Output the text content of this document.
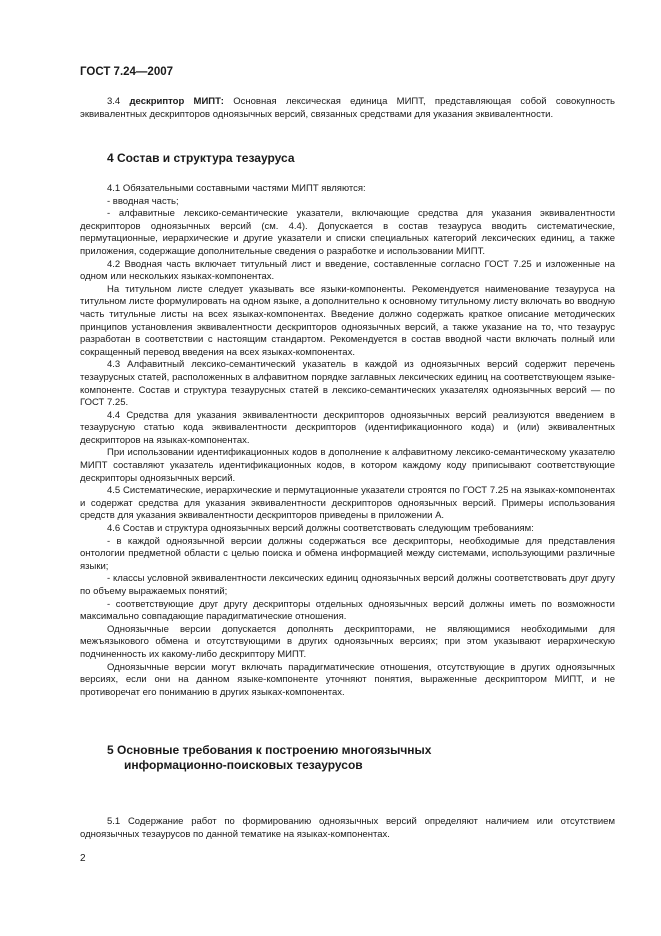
ГОСТ 7.24—2007

3.4 дескриптор МИПТ: Основная лексическая единица МИПТ, представляющая собой совокупность эквивалентных дескрипторов одноязычных версий, связанных средствами для указания эквивалентности.

4 Состав и структура тезауруса

4.1 Обязательными составными частями МИПТ являются:

- вводная часть;

- алфавитные лексико-семантические указатели, включающие средства для указания эквивалентности дескрипторов одноязычных версий (см. 4.4). Допускается в состав тезауруса вводить систематические, пермутационные, иерархические и другие указатели и списки специальных категорий лексических единиц, а также приложения, содержащие дополнительные сведения о разработке и использовании МИПТ.

4.2 Вводная часть включает титульный лист и введение, составленные согласно ГОСТ 7.25 и изложенные на одном или нескольких языках-компонентах.

На титульном листе следует указывать все языки-компоненты. Рекомендуется наименование тезауруса на титульном листе формулировать на одном языке, а дополнительно к основному титульному листу включать во вводную часть титульные листы на всех языках-компонентах. Введение должно содержать краткое описание методических принципов установления эквивалентности дескрипторов одноязычных версий, а также указание на то, что тезаурус разработан в соответствии с настоящим стандартом. Рекомендуется в состав вводной части включать полный или сокращенный перевод введения на всех языках-компонентах.

4.3 Алфавитный лексико-семантический указатель в каждой из одноязычных версий содержит перечень тезаурусных статей, расположенных в алфавитном порядке заглавных лексических единиц на соответствующем языке-компоненте. Состав и структура тезаурусных статей в лексико-семантических указателях одноязычных версий — по ГОСТ 7.25.

4.4 Средства для указания эквивалентности дескрипторов одноязычных версий реализуются введением в тезаурусную статью кода эквивалентности дескрипторов (идентификационного кода) и (или) эквивалентных дескрипторов на языках-компонентах.

При использовании идентификационных кодов в дополнение к алфавитному лексико-семантическому указателю МИПТ составляют указатель идентификационных кодов, в котором каждому коду приписывают соответствующие дескрипторы одноязычных версий.

4.5 Систематические, иерархические и пермутационные указатели строятся по ГОСТ 7.25 на языках-компонентах и содержат средства для указания эквивалентности дескрипторов одноязычных версий. Примеры использования средств для указания эквивалентности дескрипторов приведены в приложении А.

4.6 Состав и структура одноязычных версий должны соответствовать следующим требованиям:

- в каждой одноязычной версии должны содержаться все дескрипторы, необходимые для представления онтологии предметной области с целью поиска и обмена информацией между системами, использующими различные языки;

- классы условной эквивалентности лексических единиц одноязычных версий должны соответствовать друг другу по объему выражаемых понятий;

- соответствующие друг другу дескрипторы отдельных одноязычных версий должны иметь по возможности максимально совпадающие парадигматические отношения.

Одноязычные версии допускается дополнять дескрипторами, не являющимися необходимыми для межъязыкового обмена и отсутствующими в других одноязычных версиях; при этом указывают иерархическую подчиненность их какому-либо дескриптору МИПТ.

Одноязычные версии могут включать парадигматические отношения, отсутствующие в других одноязычных версиях, если они на данном языке-компоненте уточняют понятия, выраженные дескриптором МИПТ, и не противоречат его пониманию в других языках-компонентах.

5 Основные требования к построению многоязычных

информационно-поисковых тезаурусов

5.1 Содержание работ по формированию одноязычных версий определяют наличием или отсутствием одноязычных тезаурусов по данной тематике на языках-компонентах.

2
